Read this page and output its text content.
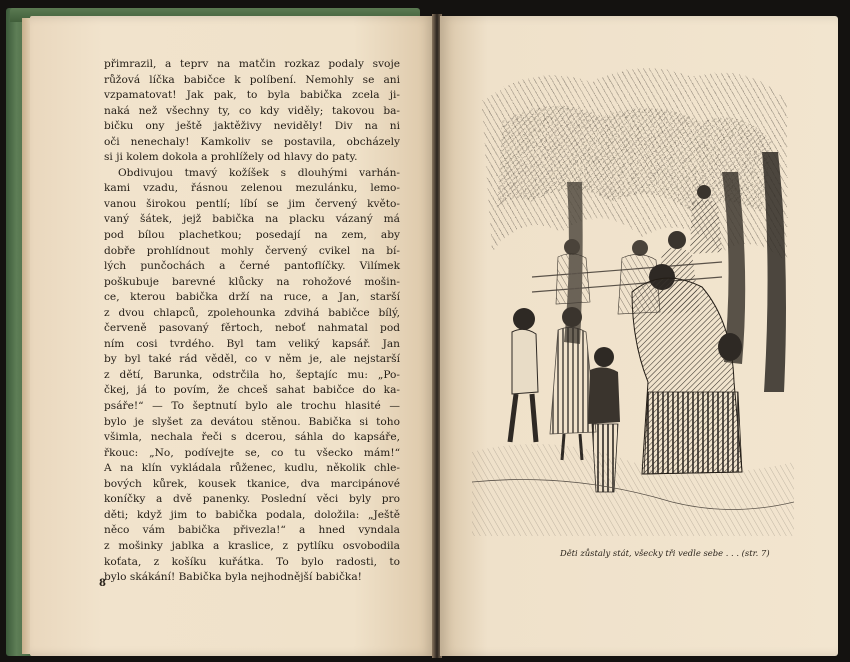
přimrazil, a teprv na matčin rozkaz podaly svoje
růžová líčka babičce k políbení. Nemohly se ani
vzpamatovat! Jak pak, to byla babička zcela ji-
naká než všechny ty, co kdy viděly; takovou ba-
bičku ony ještě jaktěživy neviděly! Div na ni
oči nenechaly! Kamkoliv se postavila, obcházely
si ji kolem dokola a prohlížely od hlavy do paty.
Obdivujou tmavý kožíšek s dlouhými varhán-
kami vzadu, řásnou zelenou mezulánku, lemo-
vanou širokou pentlí; líbí se jim červený květo-
vaný šátek, jejž babička na placku vázaný má
pod bílou plachetkou; posedají na zem, aby
dobře prohlídnout mohly červený cvikel na bí-
lých punčochách a černé pantoflíčky. Vilímek
poškubuje barevné klůcky na rohožové mošin-
ce, kterou babička drží na ruce, a Jan, starší
z dvou chlapců, zpolehounka zdvihá babičce bílý,
červeně pasovaný fěrtoch, neboť nahmatal pod
ním cosi tvrdého. Byl tam veliký kapsář. Jan
by byl také rád věděl, co v něm je, ale nejstarší
z dětí, Barunka, odstrčila ho, šeptajíc mu: „Po-
čkej, já to povím, že chceš sahat babičce do ka-
psáře!“ — To šeptnutí bylo ale trochu hlasité —
bylo je slyšet za devátou stěnou. Babička si toho
všimla, nechala řeči s dcerou, sáhla do kapsáře,
řkouc: „No, podívejte se, co tu všecko mám!“
A na klín vykládala růženec, kudlu, několik chle-
bových kůrek, kousek tkanice, dva marcipánové
koníčky a dvě panenky. Poslední věci byly pro
děti; když jim to babička podala, doložila: „Ještě
něco vám babička přivezla!“ a hned vyndala
z mošinky jablka a kraslice, z pytlíku osvobodila
koťata, z košíku kuřátka. To bylo radosti, to
bylo skákání! Babička byla nejhodnější babička!
8
Děti zůstaly stát, všecky tři vedle sebe . . . (str. 7)
